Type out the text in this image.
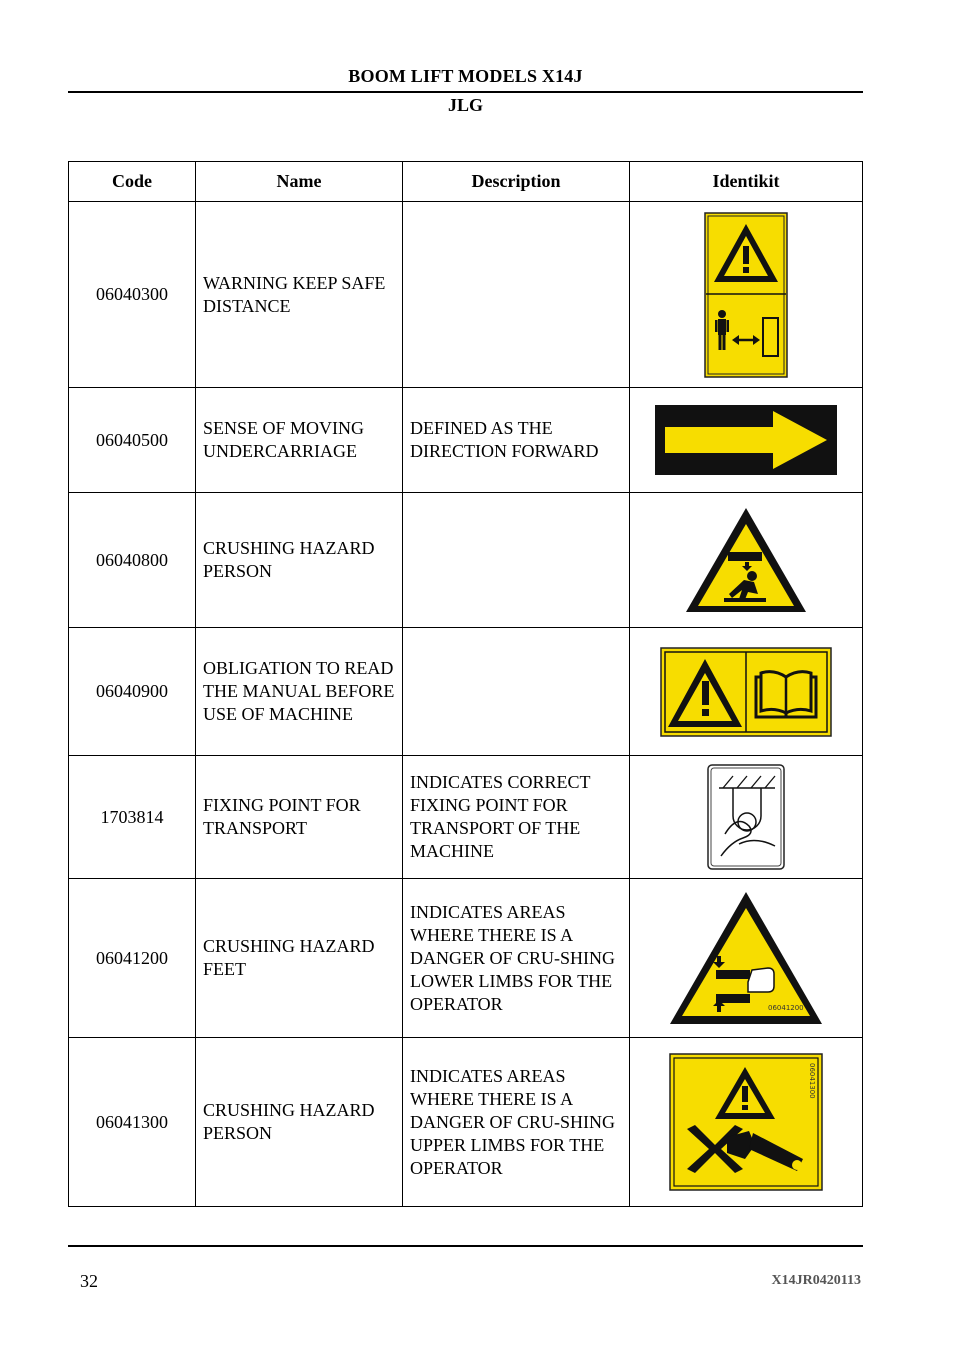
BOOM LIFT MODELS X14J
JLG
Code	Name	Description	Identikit
06040300	WARNING KEEP SAFE DISTANCE		

06040500	SENSE OF MOVING UNDERCARRIAGE	DEFINED AS THE DIRECTION FORWARD	

06040800	CRUSHING HAZARD PERSON		

06040900	OBLIGATION TO READ THE MANUAL BEFORE USE OF MACHINE		

1703814	FIXING POINT FOR TRANSPORT	INDICATES CORRECT FIXING POINT FOR TRANSPORT OF THE MACHINE	

06041200	CRUSHING HAZARD FEET	INDICATES AREAS WHERE THERE IS A DANGER OF CRU-SHING LOWER LIMBS FOR THE OPERATOR	06041200

06041300	CRUSHING HAZARD PERSON	INDICATES AREAS WHERE THERE IS A DANGER OF CRU-SHING UPPER LIMBS FOR THE OPERATOR	06041300
32	X14JR0420113
